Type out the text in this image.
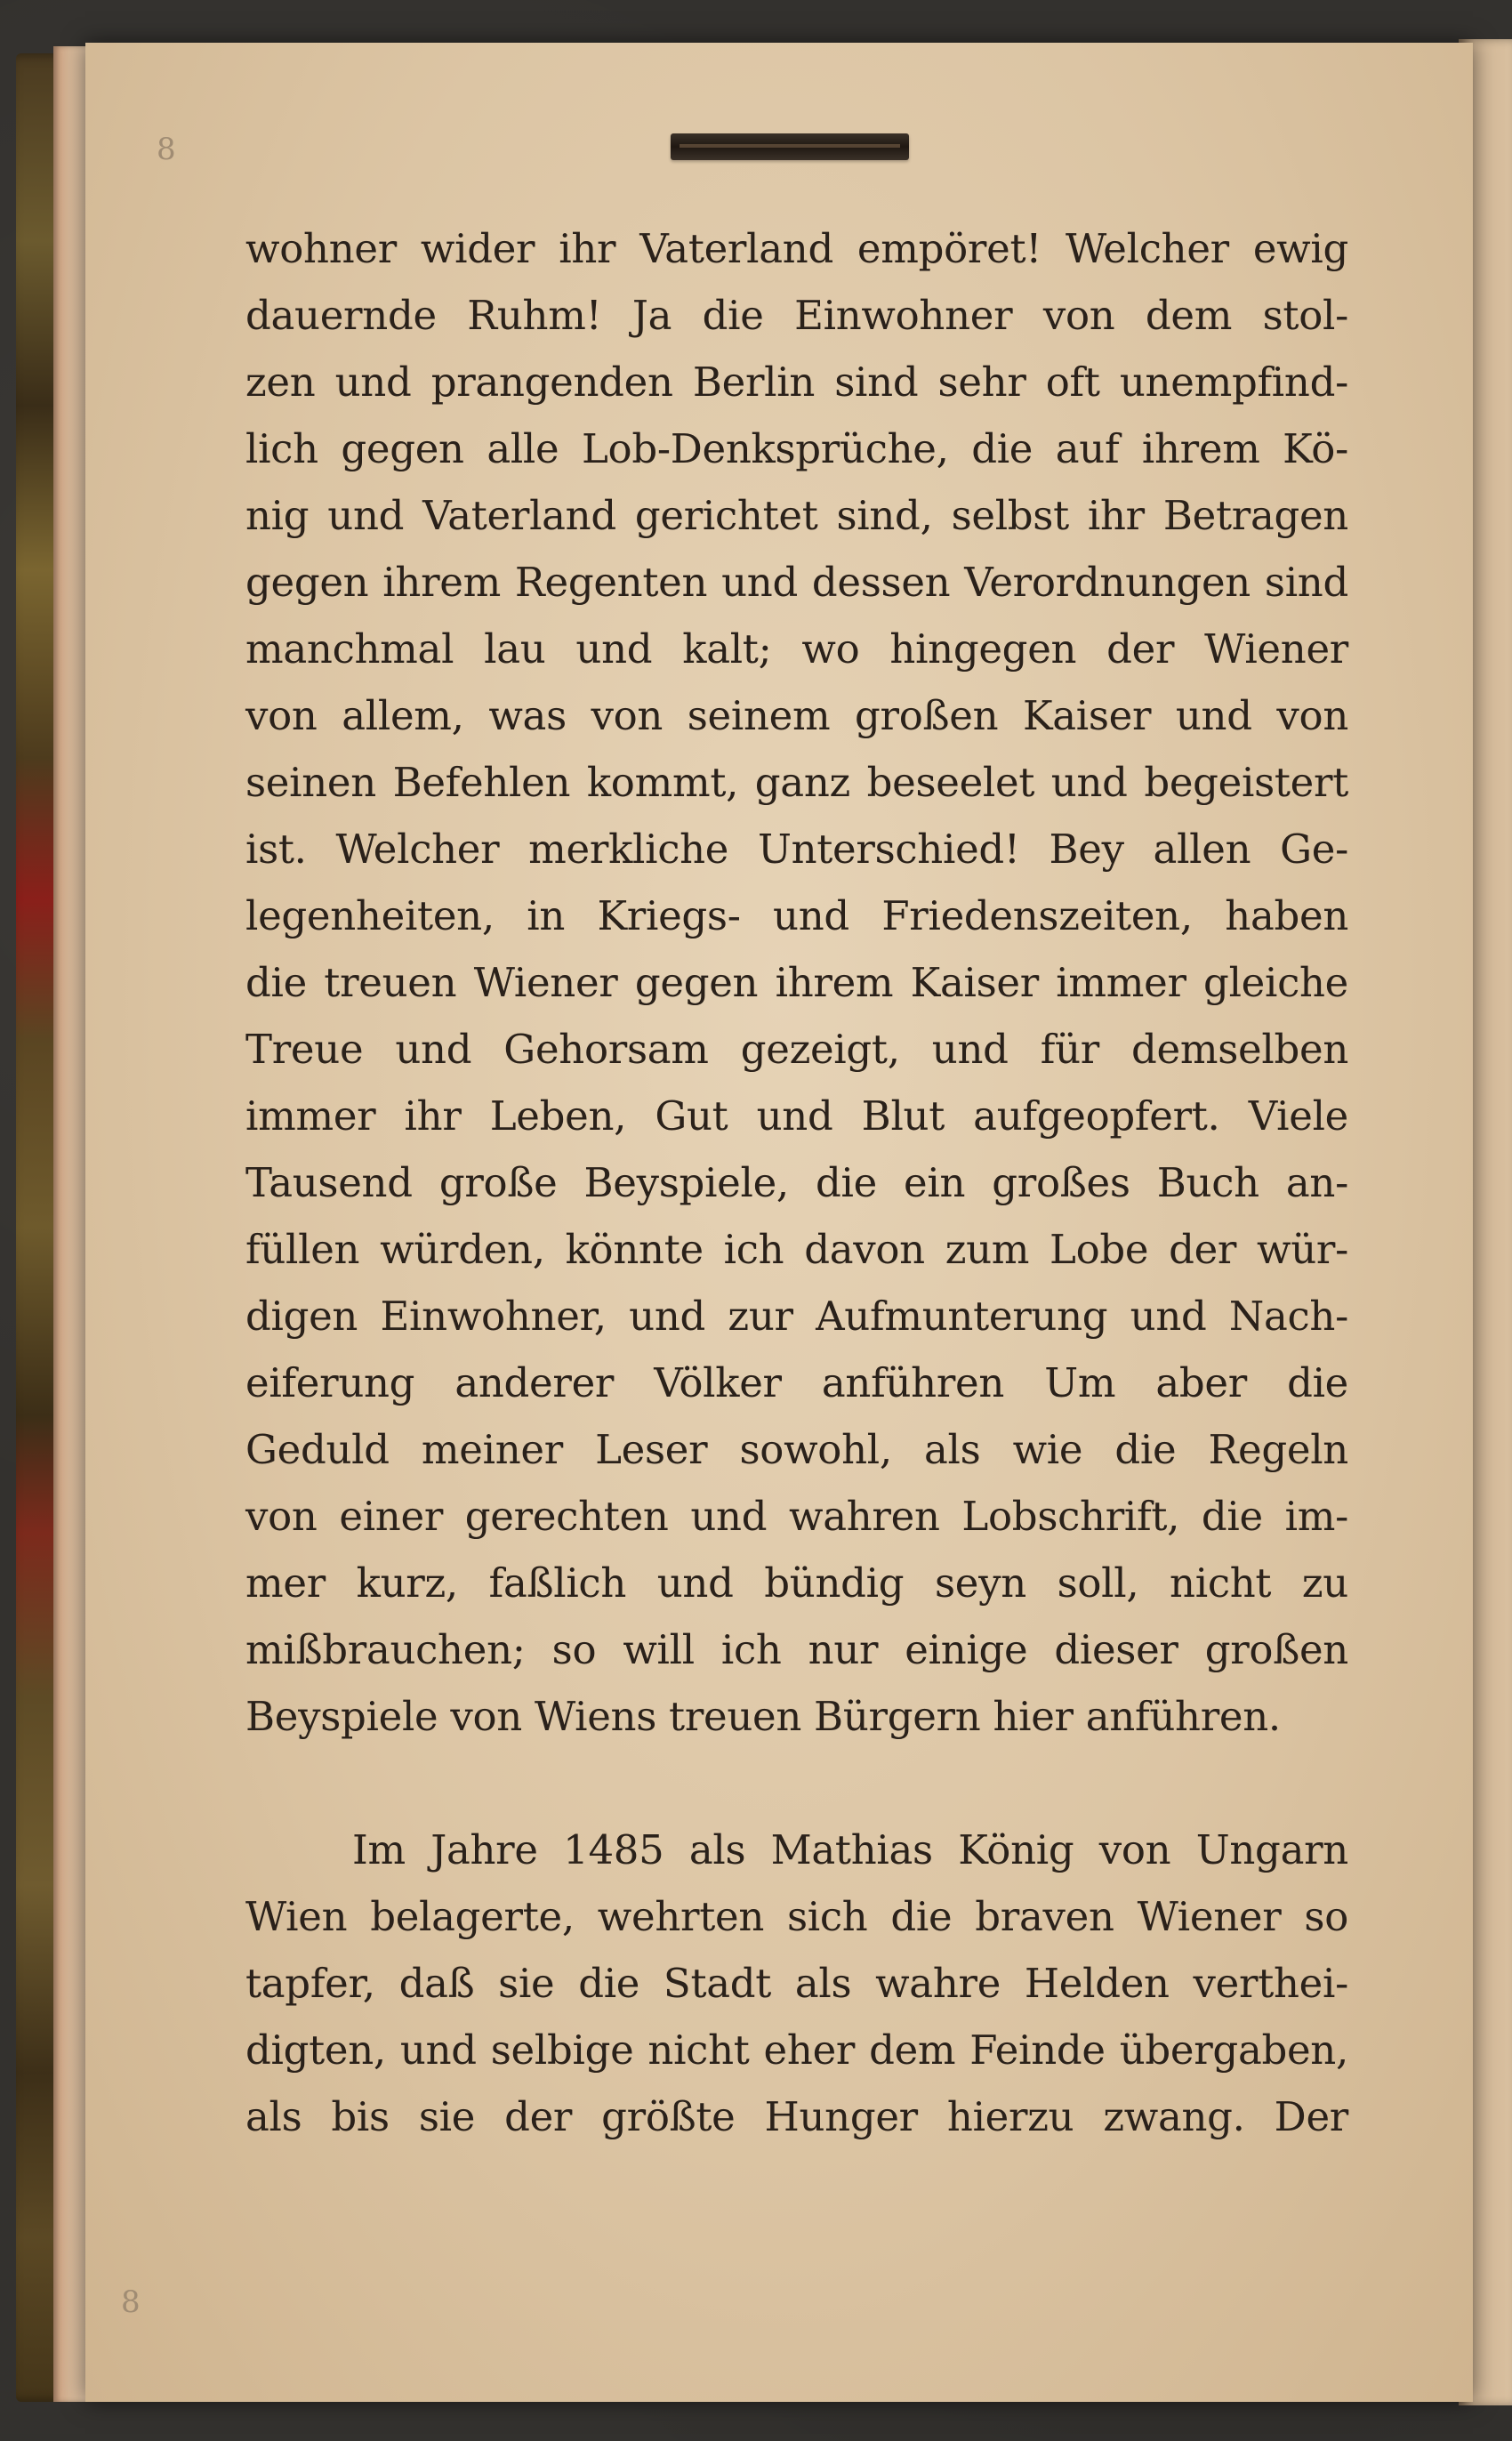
8
8
wohner wider ihr Vaterland empöret! Welcher ewig
dauernde Ruhm! Ja die Einwohner von dem stol-
zen und prangenden Berlin sind sehr oft unempfind-
lich gegen alle Lob-Denksprüche, die auf ihrem Kö-
nig und Vaterland gerichtet sind, selbst ihr Betragen
gegen ihrem Regenten und dessen Verordnungen sind
manchmal lau und kalt; wo hingegen der Wiener
von allem, was von seinem großen Kaiser und von
seinen Befehlen kommt, ganz beseelet und begeistert
ist. Welcher merkliche Unterschied! Bey allen Ge-
legenheiten, in Kriegs- und Friedenszeiten, haben
die treuen Wiener gegen ihrem Kaiser immer gleiche
Treue und Gehorsam gezeigt, und für demselben
immer ihr Leben, Gut und Blut aufgeopfert. Viele
Tausend große Beyspiele, die ein großes Buch an-
füllen würden, könnte ich davon zum Lobe der wür-
digen Einwohner, und zur Aufmunterung und Nach-
eiferung anderer Völker anführen Um aber die
Geduld meiner Leser sowohl, als wie die Regeln
von einer gerechten und wahren Lobschrift, die im-
mer kurz, faßlich und bündig seyn soll, nicht zu
mißbrauchen; so will ich nur einige dieser großen
Beyspiele von Wiens treuen Bürgern hier anführen.
Im Jahre 1485 als Mathias König von Ungarn
Wien belagerte, wehrten sich die braven Wiener so
tapfer, daß sie die Stadt als wahre Helden verthei-
digten, und selbige nicht eher dem Feinde übergaben,
als bis sie der größte Hunger hierzu zwang. Der
